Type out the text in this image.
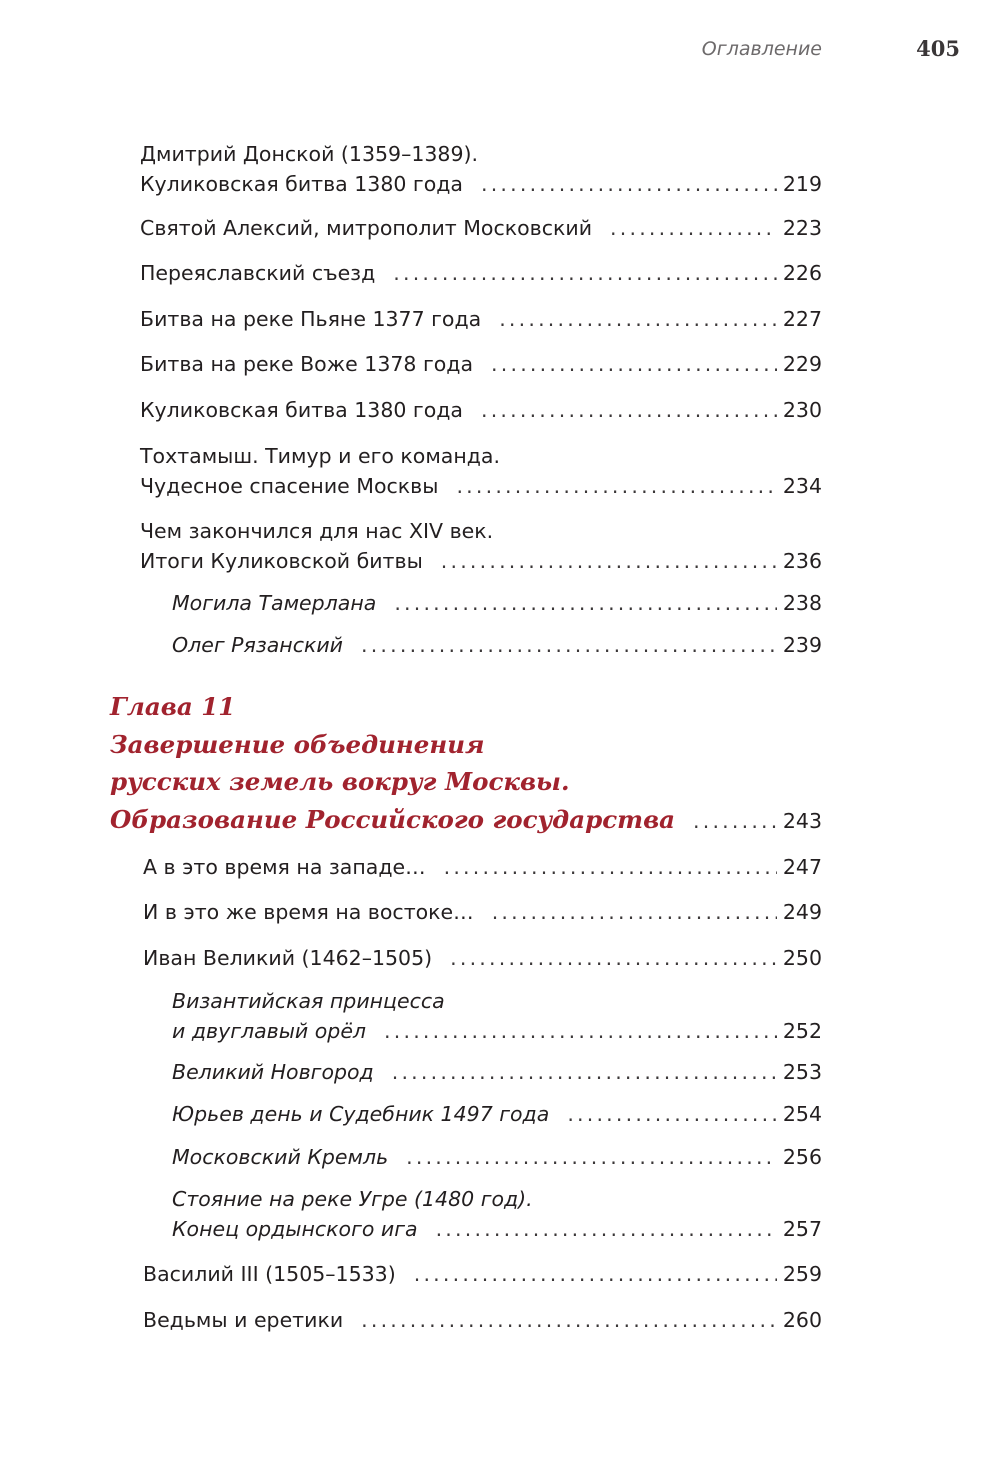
Оглавление	405
Дмитрий Донской (1359–1389).
Куликовская битва 1380 года .....	219
Святой Алексий, митрополит Московский .....	223
Переяславский съезд .....	226
Битва на реке Пьяне 1377 года .....	227
Битва на реке Воже 1378 года .....	229
Куликовская битва 1380 года .....	230
Тохтамыш. Тимур и его команда.
Чудесное спасение Москвы .....	234
Чем закончился для нас XIV век.
Итоги Куликовской битвы .....	236
Могила Тамерлана .....	238
Олег Рязанский .....	239
Глава 11
Завершение объединения
русских земель вокруг Москвы.
Образование Российского государства .....	243
А в это время на западе… .....	247
И в это же время на востоке… .....	249
Иван Великий (1462–1505) .....	250
Византийская принцесса
и двуглавый орёл .....	252
Великий Новгород .....	253
Юрьев день и Судебник 1497 года .....	254
Московский Кремль .....	256
Стояние на реке Угре (1480 год).
Конец ордынского ига .....	257
Василий III (1505–1533) .....	259
Ведьмы и еретики .....	260
